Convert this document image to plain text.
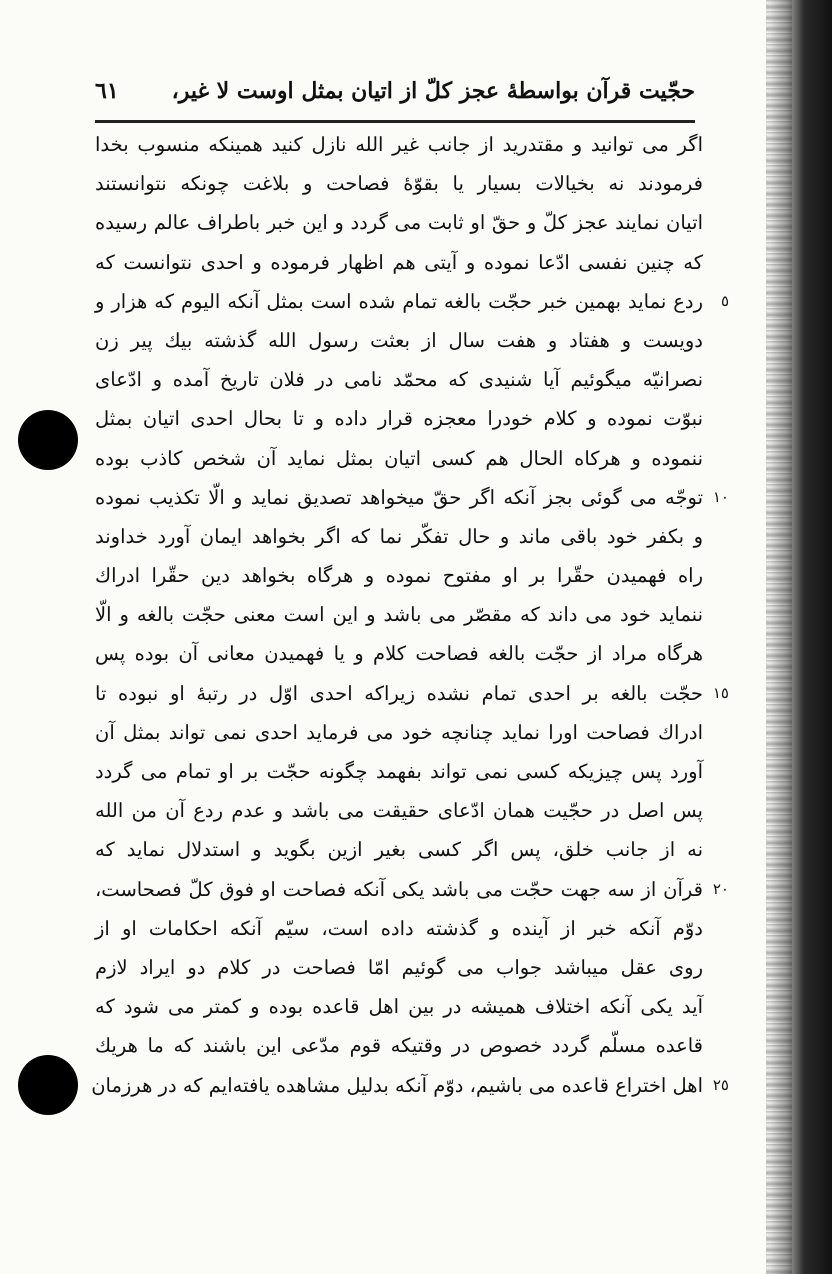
حجّیت قرآن بواسطهٔ عجز کلّ از اتیان بمثل اوست لا غیر،
٦١
اگر می توانید و مقتدرید از جانب غیر الله نازل کنید همینکه منسوب بخدا
فرمودند نه بخیالات بسیار یا بقوّهٔ فصاحت و بلاغت چونکه نتوانستند
اتیان نمایند عجز کلّ و حقّ او ثابت می گردد و این خبر باطراف عالم رسیده
که چنین نفسی ادّعا نموده و آیتی هم اظهار فرموده و احدی نتوانست که
ردع نماید بهمین خبر حجّت بالغه تمام شده است بمثل آنکه الیوم که هزار و	٥
دویست و هفتاد و هفت سال از بعثت رسول الله گذشته بیك پیر زن
نصرانیّه میگوئیم آیا شنیدی که محمّد نامی در فلان تاریخ آمده و ادّعای
نبوّت نموده و کلام خودرا معجزه قرار داده و تا بحال احدی اتیان بمثل
ننموده و هرکاه الحال هم کسی اتیان بمثل نماید آن شخص کاذب بوده
توجّه می گوئی بجز آنکه اگر حقّ میخواهد تصدیق نماید و الّا تکذیب نموده ١٠
و بکفر خود باقی ماند و حال تفکّر نما که اگر بخواهد ایمان آورد خداوند
راه فهمیدن حقّرا بر او مفتوح نموده و هرگاه بخواهد دین حقّرا ادراك
ننماید خود می داند که مقصّر می باشد و این است معنی حجّت بالغه و الّا
هرگاه مراد از حجّت بالغه فصاحت کلام و یا فهمیدن معانی آن بوده پس
حجّت بالغه بر احدی تمام نشده زیراکه احدی اوّل در رتبهٔ او نبوده تا ١٥
ادراك فصاحت اورا نماید چنانچه خود می فرماید احدی نمی تواند بمثل آن
آورد پس چیزیکه کسی نمی تواند بفهمد چگونه حجّت بر او تمام می گردد
پس اصل در حجّیت همان ادّعای حقیقت می باشد و عدم ردع آن من الله
نه از جانب خلق، پس اگر کسی بغیر ازین بگوید و استدلال نماید که
قرآن از سه جهت حجّت می باشد یکی آنکه فصاحت او فوق کلّ فصحاست، ٢٠
دوّم آنکه خبر از آینده و گذشته داده است، سیّم آنکه احکامات او از
روی عقل میباشد جواب می گوئیم امّا فصاحت در کلام دو ایراد لازم
آید یکی آنکه اختلاف همیشه در بین اهل قاعده بوده و کمتر می شود که
قاعده مسلّم گردد خصوص در وقتیکه قوم مدّعی این باشند که ما هریك
اهل اختراع قاعده می باشیم، دوّم آنکه بدلیل مشاهده یافته‌ایم که در هرزمان ٢٥
